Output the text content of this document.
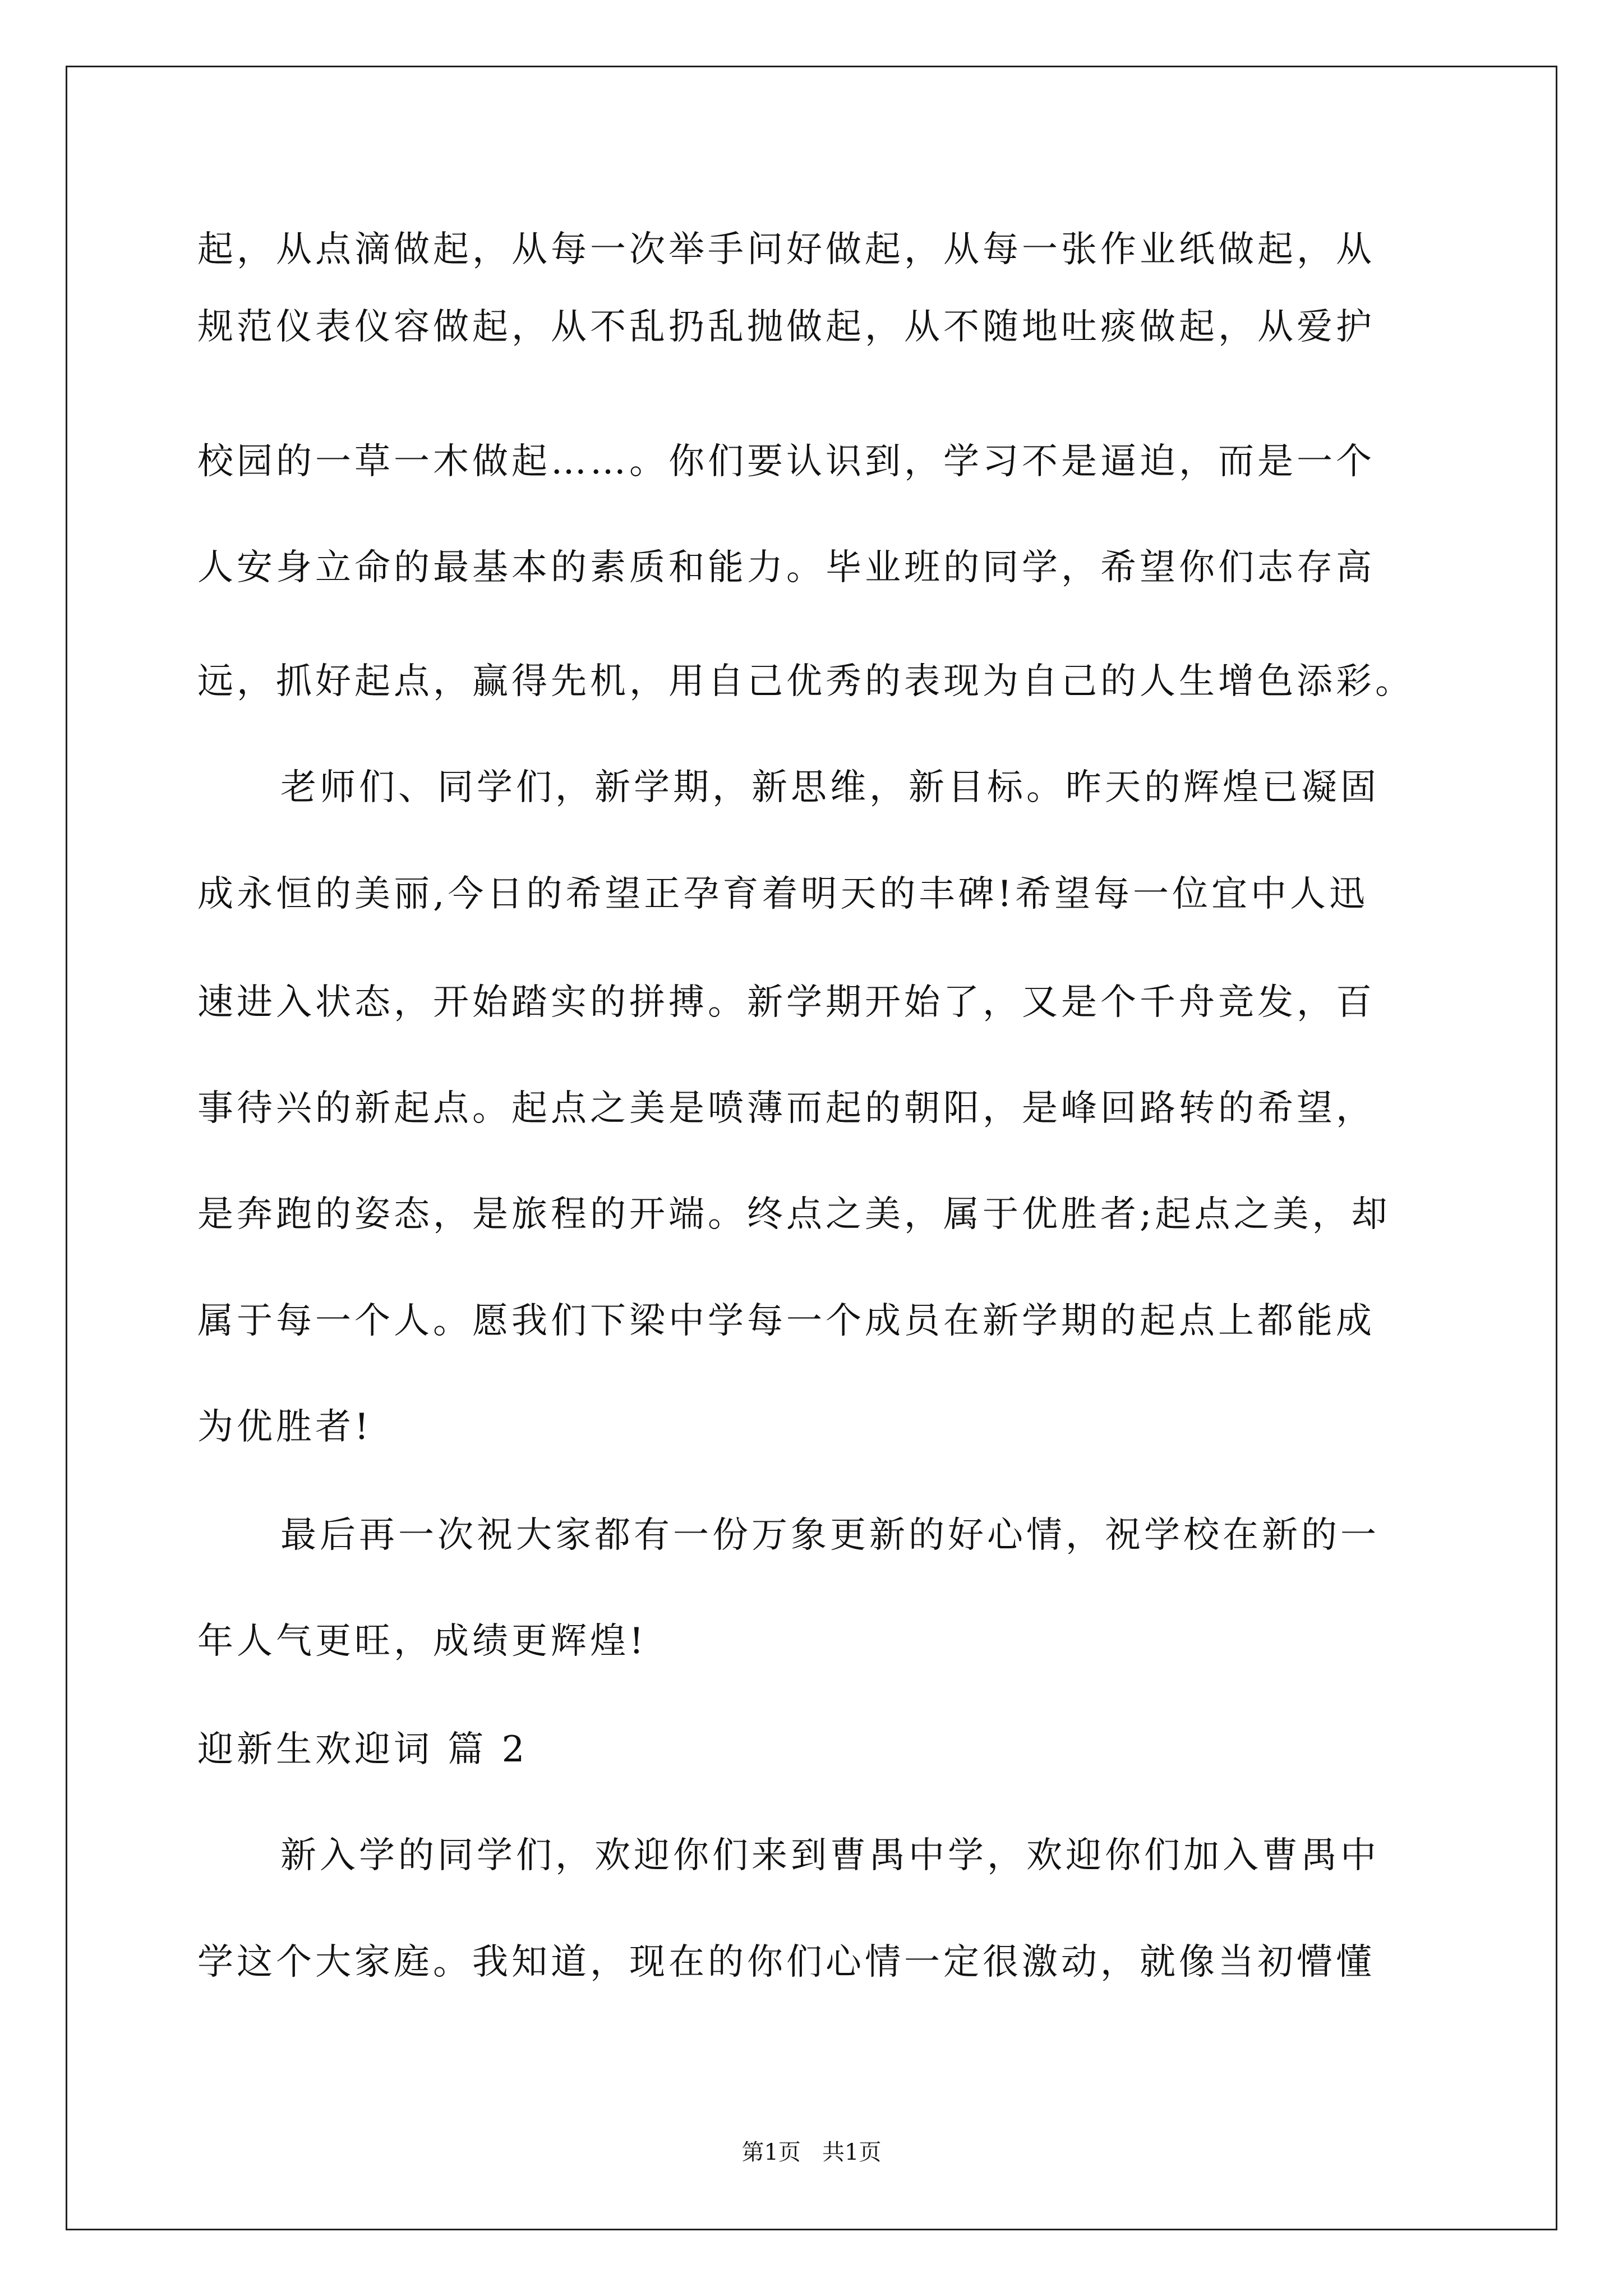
起，从点滴做起，从每一次举手问好做起，从每一张作业纸做起，从
规范仪表仪容做起，从不乱扔乱抛做起，从不随地吐痰做起，从爱护
校园的一草一木做起……。你们要认识到，学习不是逼迫，而是一个
人安身立命的最基本的素质和能力。毕业班的同学，希望你们志存高
远，抓好起点，赢得先机，用自己优秀的表现为自己的人生增色添彩。
老师们、同学们，新学期，新思维，新目标。昨天的辉煌已凝固
成永恒的美丽,今日的希望正孕育着明天的丰碑!希望每一位宜中人迅
速进入状态，开始踏实的拼搏。新学期开始了，又是个千舟竞发，百
事待兴的新起点。起点之美是喷薄而起的朝阳，是峰回路转的希望，
是奔跑的姿态，是旅程的开端。终点之美，属于优胜者;起点之美，却
属于每一个人。愿我们下梁中学每一个成员在新学期的起点上都能成
为优胜者!
最后再一次祝大家都有一份万象更新的好心情，祝学校在新的一
年人气更旺，成绩更辉煌!
迎新生欢迎词 篇 2
新入学的同学们，欢迎你们来到曹禺中学，欢迎你们加入曹禺中
学这个大家庭。我知道，现在的你们心情一定很激动，就像当初懵懂
第1页   共1页
